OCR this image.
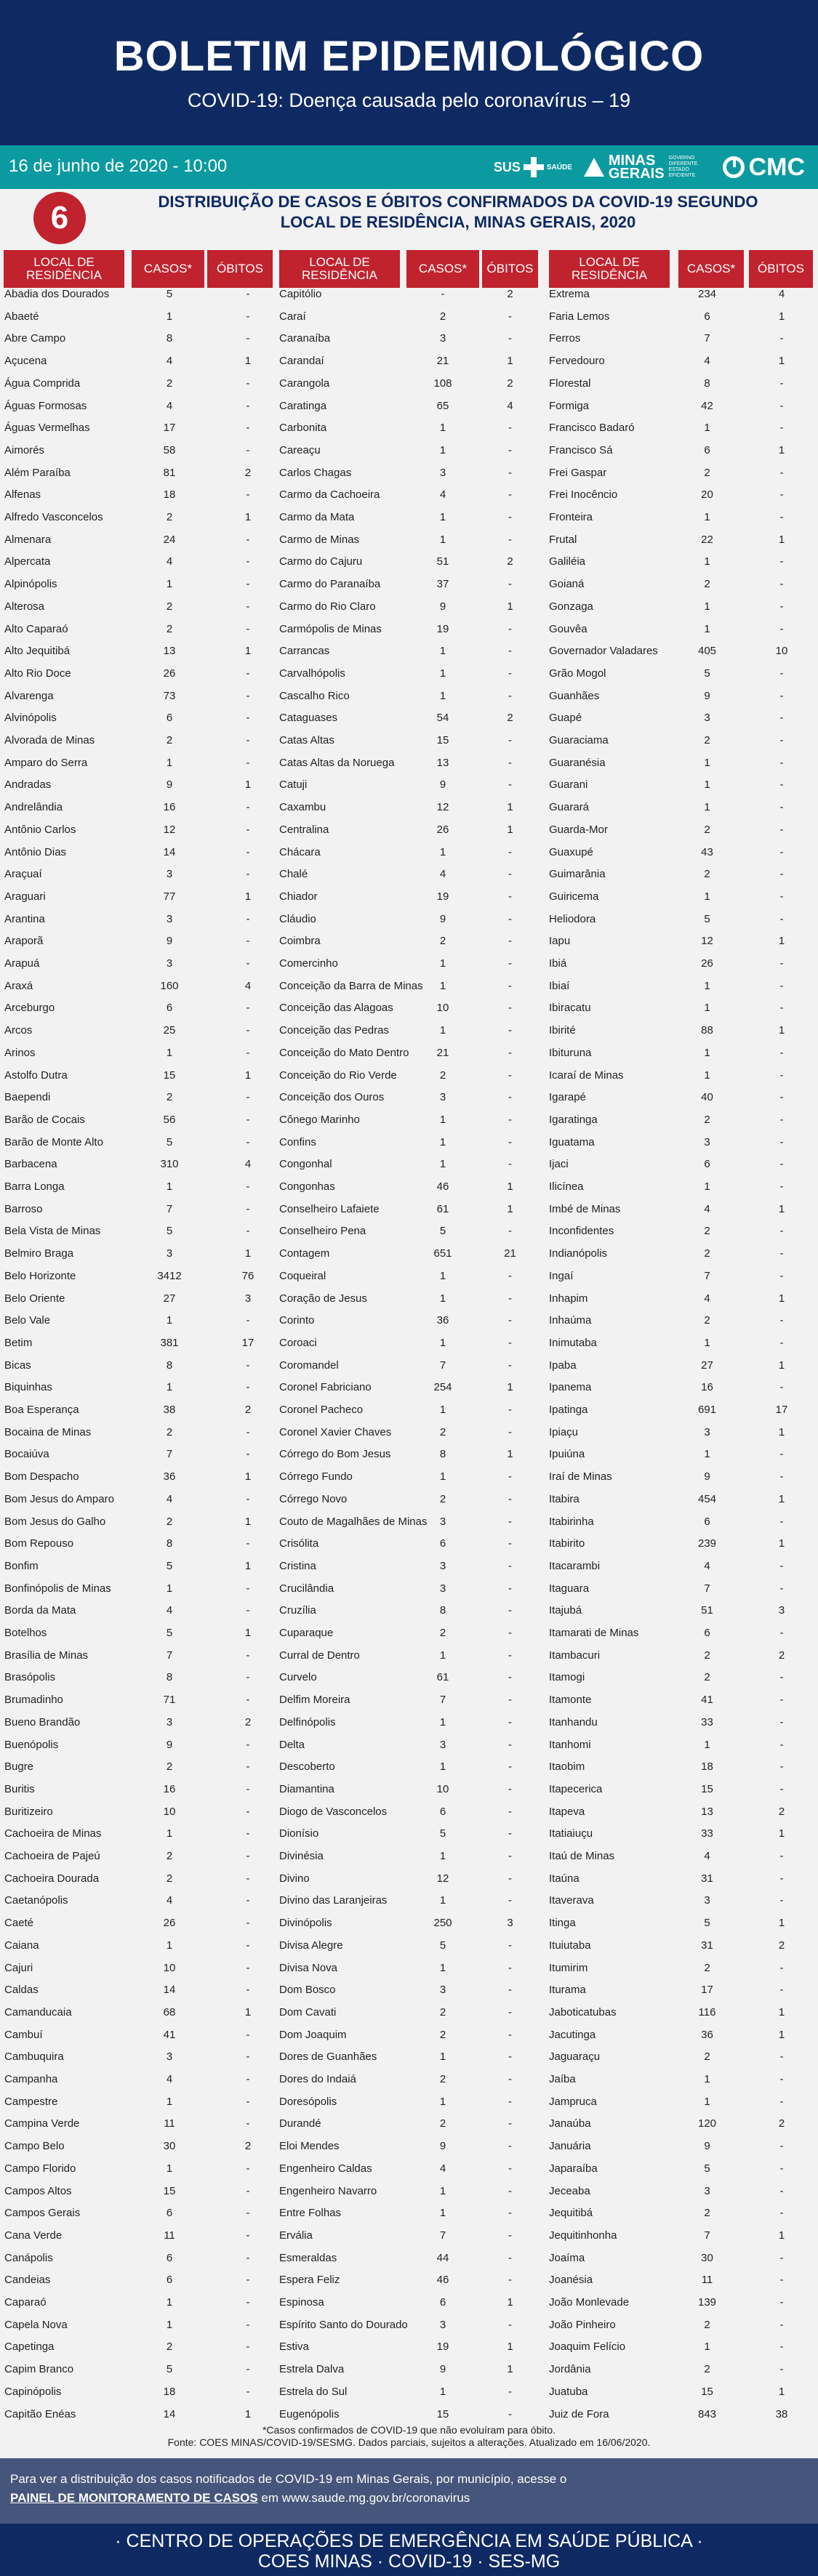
BOLETIM EPIDEMIOLÓGICO
COVID-19: Doença causada pelo coronavírus – 19
16 de junho de 2020 - 10:00	SUS	SAÚDE	MINAS
GERAIS
GOVERNO DIFERENTE. ESTADO EFICIENTE.	CMC
6	DISTRIBUIÇÃO DE CASOS E ÓBITOS CONFIRMADOS DA COVID-19 SEGUNDO LOCAL DE RESIDÊNCIA, MINAS GERAIS, 2020
LOCAL DE RESIDÊNCIA	CASOS*	ÓBITOS	LOCAL DE RESIDÊNCIA	CASOS*	ÓBITOS	LOCAL DE RESIDÊNCIA	CASOS*	ÓBITOS
Abadia dos Dourados	5	-
Abaeté	1	-
Abre Campo	8	-
Açucena	4	1
Água Comprida	2	-
Águas Formosas	4	-
Águas Vermelhas	17	-
Aimorés	58	-
Além Paraíba	81	2
Alfenas	18	-
Alfredo Vasconcelos	2	1
Almenara	24	-
Alpercata	4	-
Alpinópolis	1	-
Alterosa	2	-
Alto Caparaó	2	-
Alto Jequitibá	13	1
Alto Rio Doce	26	-
Alvarenga	73	-
Alvinópolis	6	-
Alvorada de Minas	2	-
Amparo do Serra	1	-
Andradas	9	1
Andrelândia	16	-
Antônio Carlos	12	-
Antônio Dias	14	-
Araçuaí	3	-
Araguari	77	1
Arantina	3	-
Araporã	9	-
Arapuá	3	-
Araxá	160	4
Arceburgo	6	-
Arcos	25	-
Arinos	1	-
Astolfo Dutra	15	1
Baependi	2	-
Barão de Cocais	56	-
Barão de Monte Alto	5	-
Barbacena	310	4
Barra Longa	1	-
Barroso	7	-
Bela Vista de Minas	5	-
Belmiro Braga	3	1
Belo Horizonte	3412	76
Belo Oriente	27	3
Belo Vale	1	-
Betim	381	17
Bicas	8	-
Biquinhas	1	-
Boa Esperança	38	2
Bocaina de Minas	2	-
Bocaiúva	7	-
Bom Despacho	36	1
Bom Jesus do Amparo	4	-
Bom Jesus do Galho	2	1
Bom Repouso	8	-
Bonfim	5	1
Bonfinópolis de Minas	1	-
Borda da Mata	4	-
Botelhos	5	1
Brasília de Minas	7	-
Brasópolis	8	-
Brumadinho	71	-
Bueno Brandão	3	2
Buenópolis	9	-
Bugre	2	-
Buritis	16	-
Buritizeiro	10	-
Cachoeira de Minas	1	-
Cachoeira de Pajeú	2	-
Cachoeira Dourada	2	-
Caetanópolis	4	-
Caeté	26	-
Caiana	1	-
Cajuri	10	-
Caldas	14	-
Camanducaia	68	1
Cambuí	41	-
Cambuquira	3	-
Campanha	4	-
Campestre	1	-
Campina Verde	11	-
Campo Belo	30	2
Campo Florido	1	-
Campos Altos	15	-
Campos Gerais	6	-
Cana Verde	11	-
Canápolis	6	-
Candeias	6	-
Caparaó	1	-
Capela Nova	1	-
Capetinga	2	-
Capim Branco	5	-
Capinópolis	18	-
Capitão Enéas	14	1
Capitólio	-	2
Caraí	2	-
Caranaíba	3	-
Carandaí	21	1
Carangola	108	2
Caratinga	65	4
Carbonita	1	-
Careaçu	1	-
Carlos Chagas	3	-
Carmo da Cachoeira	4	-
Carmo da Mata	1	-
Carmo de Minas	1	-
Carmo do Cajuru	51	2
Carmo do Paranaíba	37	-
Carmo do Rio Claro	9	1
Carmópolis de Minas	19	-
Carrancas	1	-
Carvalhópolis	1	-
Cascalho Rico	1	-
Cataguases	54	2
Catas Altas	15	-
Catas Altas da Noruega	13	-
Catuji	9	-
Caxambu	12	1
Centralina	26	1
Chácara	1	-
Chalé	4	-
Chiador	19	-
Cláudio	9	-
Coimbra	2	-
Comercinho	1	-
Conceição da Barra de Minas	1	-
Conceição das Alagoas	10	-
Conceição das Pedras	1	-
Conceição do Mato Dentro	21	-
Conceição do Rio Verde	2	-
Conceição dos Ouros	3	-
Cônego Marinho	1	-
Confins	1	-
Congonhal	1	-
Congonhas	46	1
Conselheiro Lafaiete	61	1
Conselheiro Pena	5	-
Contagem	651	21
Coqueiral	1	-
Coração de Jesus	1	-
Corinto	36	-
Coroaci	1	-
Coromandel	7	-
Coronel Fabriciano	254	1
Coronel Pacheco	1	-
Coronel Xavier Chaves	2	-
Córrego do Bom Jesus	8	1
Córrego Fundo	1	-
Córrego Novo	2	-
Couto de Magalhães de Minas	3	-
Crisólita	6	-
Cristina	3	-
Crucilândia	3	-
Cruzília	8	-
Cuparaque	2	-
Curral de Dentro	1	-
Curvelo	61	-
Delfim Moreira	7	-
Delfinópolis	1	-
Delta	3	-
Descoberto	1	-
Diamantina	10	-
Diogo de Vasconcelos	6	-
Dionísio	5	-
Divinésia	1	-
Divino	12	-
Divino das Laranjeiras	1	-
Divinópolis	250	3
Divisa Alegre	5	-
Divisa Nova	1	-
Dom Bosco	3	-
Dom Cavati	2	-
Dom Joaquim	2	-
Dores de Guanhães	1	-
Dores do Indaiá	2	-
Doresópolis	1	-
Durandé	2	-
Eloi Mendes	9	-
Engenheiro Caldas	4	-
Engenheiro Navarro	1	-
Entre Folhas	1	-
Ervália	7	-
Esmeraldas	44	-
Espera Feliz	46	-
Espinosa	6	1
Espírito Santo do Dourado	3	-
Estiva	19	1
Estrela Dalva	9	1
Estrela do Sul	1	-
Eugenópolis	15	-
Extrema	234	4
Faria Lemos	6	1
Ferros	7	-
Fervedouro	4	1
Florestal	8	-
Formiga	42	-
Francisco Badaró	1	-
Francisco Sá	6	1
Frei Gaspar	2	-
Frei Inocêncio	20	-
Fronteira	1	-
Frutal	22	1
Galiléia	1	-
Goianá	2	-
Gonzaga	1	-
Gouvêa	1	-
Governador Valadares	405	10
Grão Mogol	5	-
Guanhães	9	-
Guapé	3	-
Guaraciama	2	-
Guaranésia	1	-
Guarani	1	-
Guarará	1	-
Guarda-Mor	2	-
Guaxupé	43	-
Guimarânia	2	-
Guiricema	1	-
Heliodora	5	-
Iapu	12	1
Ibiá	26	-
Ibiaí	1	-
Ibiracatu	1	-
Ibirité	88	1
Ibituruna	1	-
Icaraí de Minas	1	-
Igarapé	40	-
Igaratinga	2	-
Iguatama	3	-
Ijaci	6	-
Ilicínea	1	-
Imbé de Minas	4	1
Inconfidentes	2	-
Indianópolis	2	-
Ingaí	7	-
Inhapim	4	1
Inhaúma	2	-
Inimutaba	1	-
Ipaba	27	1
Ipanema	16	-
Ipatinga	691	17
Ipiaçu	3	1
Ipuiúna	1	-
Iraí de Minas	9	-
Itabira	454	1
Itabirinha	6	-
Itabirito	239	1
Itacarambi	4	-
Itaguara	7	-
Itajubá	51	3
Itamarati de Minas	6	-
Itambacuri	2	2
Itamogi	2	-
Itamonte	41	-
Itanhandu	33	-
Itanhomi	1	-
Itaobim	18	-
Itapecerica	15	-
Itapeva	13	2
Itatiaiuçu	33	1
Itaú de Minas	4	-
Itaúna	31	-
Itaverava	3	-
Itinga	5	1
Ituiutaba	31	2
Itumirim	2	-
Iturama	17	-
Jaboticatubas	116	1
Jacutinga	36	1
Jaguaraçu	2	-
Jaíba	1	-
Jampruca	1	-
Janaúba	120	2
Januária	9	-
Japaraíba	5	-
Jeceaba	3	-
Jequitibá	2	-
Jequitinhonha	7	1
Joaíma	30	-
Joanésia	11	-
João Monlevade	139	-
João Pinheiro	2	-
Joaquim Felício	1	-
Jordânia	2	-
Juatuba	15	1
Juiz de Fora	843	38
*Casos confirmados de COVID-19 que não evoluíram para óbito.
Fonte: COES MINAS/COVID-19/SESMG. Dados parciais, sujeitos a alterações. Atualizado em 16/06/2020.
Para ver a distribuição dos casos notificados de COVID-19 em Minas Gerais, por município, acesse o
PAINEL DE MONITORAMENTO DE CASOS em www.saude.mg.gov.br/coronavirus
· CENTRO DE OPERAÇÕES DE EMERGÊNCIA EM SAÚDE PÚBLICA ·
COES MINAS · COVID-19 · SES-MG
